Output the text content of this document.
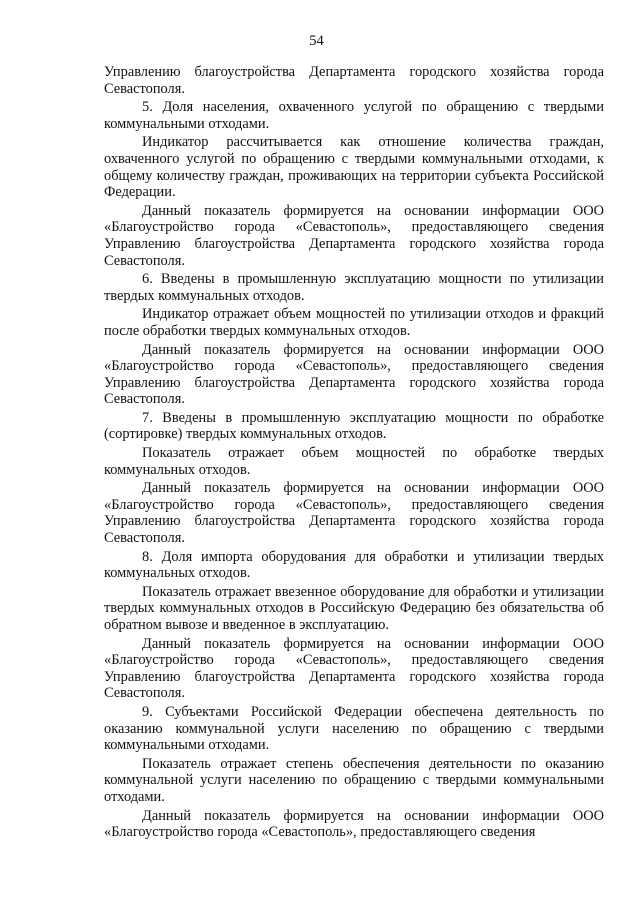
54

Управлению благоустройства Департамента городского хозяйства города Севастополя.

5. Доля населения, охваченного услугой по обращению с твердыми коммунальными отходами.

Индикатор рассчитывается как отношение количества граждан, охваченного услугой по обращению с твердыми коммунальными отходами, к общему количеству граждан, проживающих на территории субъекта Российской Федерации.

Данный показатель формируется на основании информации ООО «Благоустройство города «Севастополь», предоставляющего сведения Управлению благоустройства Департамента городского хозяйства города Севастополя.

6. Введены в промышленную эксплуатацию мощности по утилизации твердых коммунальных отходов.

Индикатор отражает объем мощностей по утилизации отходов и фракций после обработки твердых коммунальных отходов.

Данный показатель формируется на основании информации ООО «Благоустройство города «Севастополь», предоставляющего сведения Управлению благоустройства Департамента городского хозяйства города Севастополя.

7. Введены в промышленную эксплуатацию мощности по обработке (сортировке) твердых коммунальных отходов.

Показатель отражает объем мощностей по обработке твердых коммунальных отходов.

Данный показатель формируется на основании информации ООО «Благоустройство города «Севастополь», предоставляющего сведения Управлению благоустройства Департамента городского хозяйства города Севастополя.

8. Доля импорта оборудования для обработки и утилизации твердых коммунальных отходов.

Показатель отражает ввезенное оборудование для обработки и утилизации твердых коммунальных отходов в Российскую Федерацию без обязательства об обратном вывозе и введенное в эксплуатацию.

Данный показатель формируется на основании информации ООО «Благоустройство города «Севастополь», предоставляющего сведения Управлению благоустройства Департамента городского хозяйства города Севастополя.

9. Субъектами Российской Федерации обеспечена деятельность по оказанию коммунальной услуги населению по обращению с твердыми коммунальными отходами.

Показатель отражает степень обеспечения деятельности по оказанию коммунальной услуги населению по обращению с твердыми коммунальными отходами.

Данный показатель формируется на основании информации ООО «Благоустройство города «Севастополь», предоставляющего сведения
